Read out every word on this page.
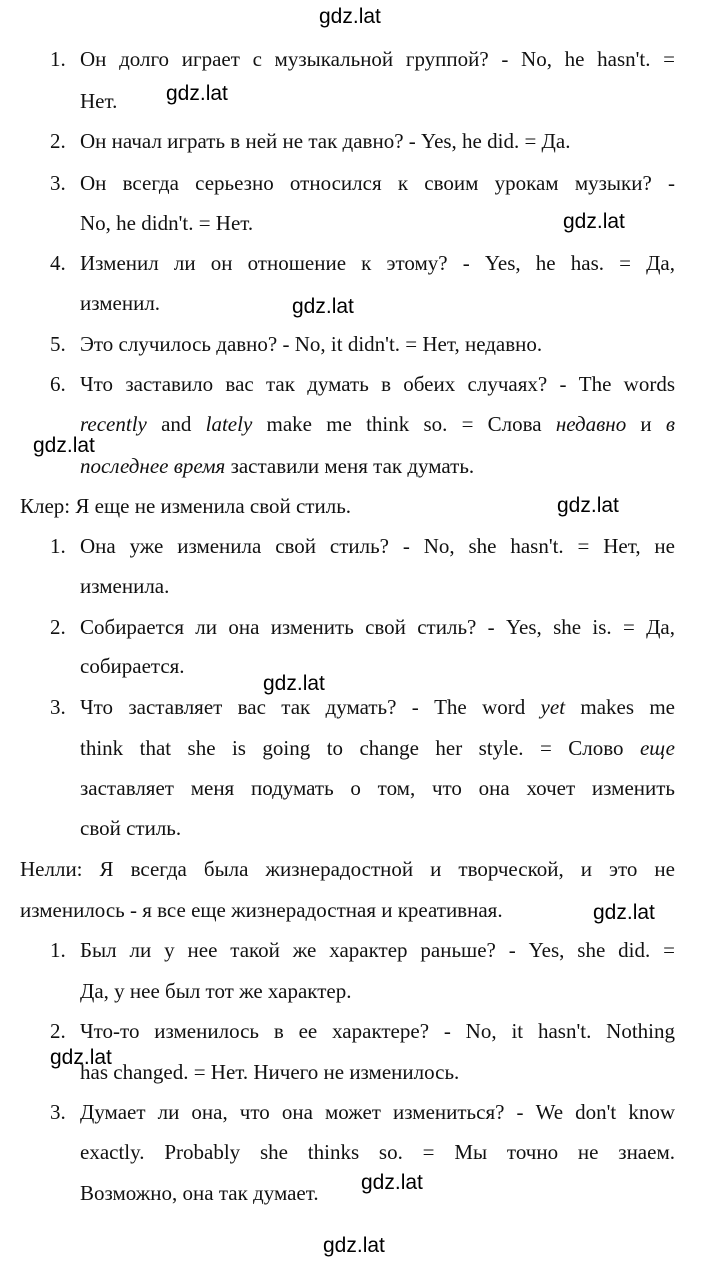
gdz.lat
gdz.lat
gdz.lat
gdz.lat
gdz.lat
gdz.lat
gdz.lat
gdz.lat
gdz.lat
gdz.lat
gdz.lat
1. Он долго играет с музыкальной группой? - No, he hasn't. =
Нет.
2. Он начал играть в ней не так давно? - Yes, he did. = Да.
3. Он всегда серьезно относился к своим урокам музыки? -
No, he didn't. = Нет.
4. Изменил ли он отношение к этому? - Yes, he has. = Да,
изменил.
5. Это случилось давно? - No, it didn't. = Нет, недавно.
6. Что заставило вас так думать в обеих случаях? - The words
recently and lately make me think so. = Слова недавно и в
последнее время заставили меня так думать.
Клер: Я еще не изменила свой стиль.
1. Она уже изменила свой стиль? - No, she hasn't. = Нет, не
изменила.
2. Собирается ли она изменить свой стиль? - Yes, she is. = Да,
собирается.
3. Что заставляет вас так думать? - The word yet makes me
think that she is going to change her style. = Слово еще
заставляет меня подумать о том, что она хочет изменить
свой стиль.
Нелли: Я всегда была жизнерадостной и творческой, и это не
изменилось - я все еще жизнерадостная и креативная.
1. Был ли у нее такой же характер раньше? - Yes, she did. =
Да, у нее был тот же характер.
2. Что-то изменилось в ее характере? - No, it hasn't. Nothing
has changed. = Нет. Ничего не изменилось.
3. Думает ли она, что она может измениться? - We don't know
exactly. Probably she thinks so. = Мы точно не знаем.
Возможно, она так думает.
